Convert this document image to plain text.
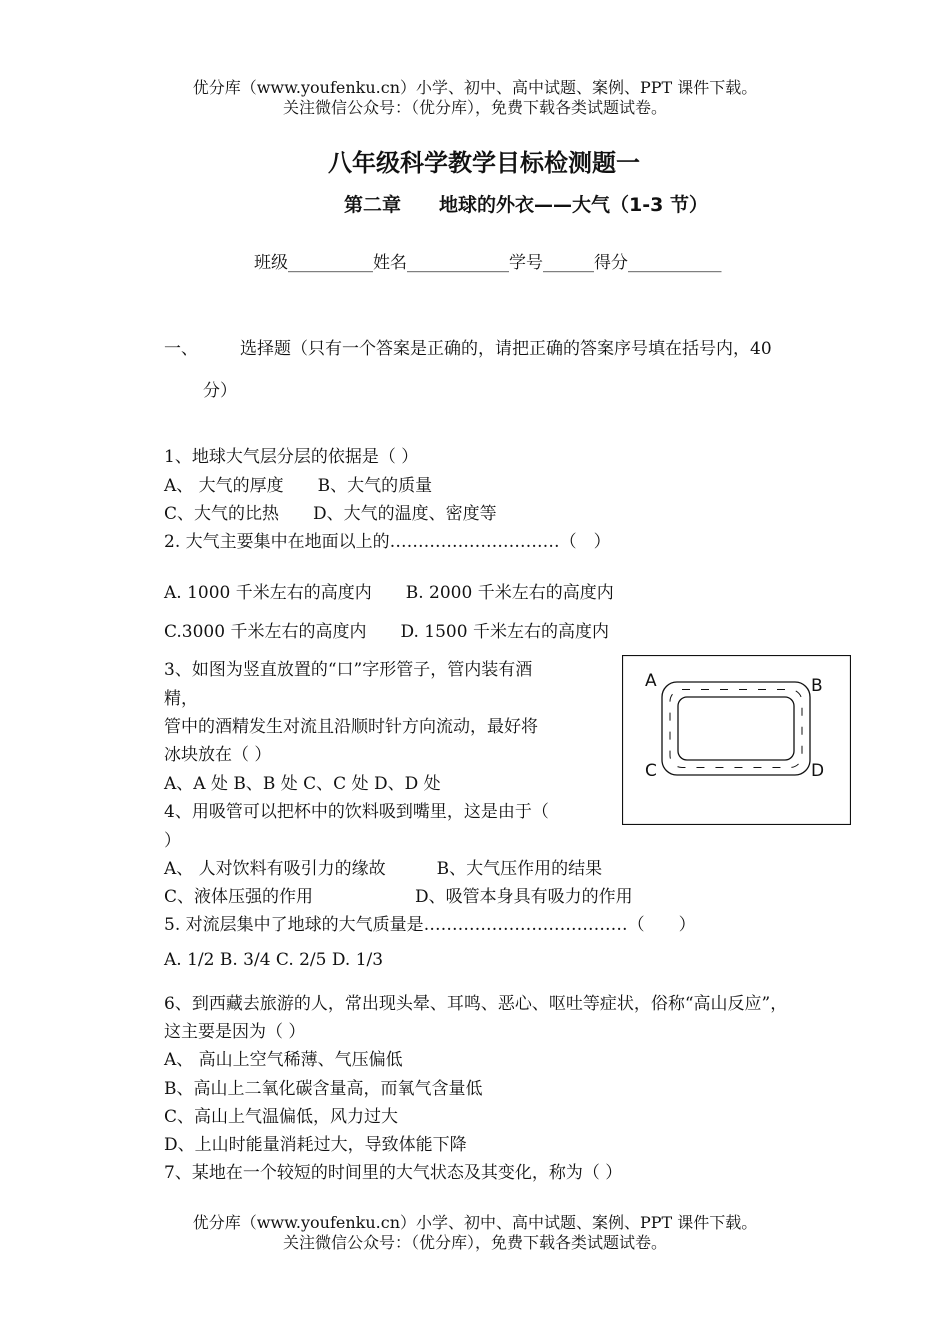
优分库（www.youfenku.cn）小学、初中、高中试题、案例、PPT 课件下载。

关注微信公众号：（优分库），免费下载各类试题试卷。

八年级科学教学目标检测题一

第二章　　地球的外衣——大气（1-3 节）

班级__________姓名____________学号______得分___________

一、 选择题（只有一个答案是正确的，请把正确的答案序号填在括号内，40

分）

1、地球大气层分层的依据是（ ）

A、 大气的厚度　　B、大气的质量

C、大气的比热　　D、大气的温度、密度等

2. 大气主要集中在地面以上的…………………………（　）

A. 1000 千米左右的高度内　　B. 2000 千米左右的高度内

C.3000 千米左右的高度内　　D. 1500 千米左右的高度内

3、如图为竖直放置的“口”字形管子，管内装有酒

精，

管中的酒精发生对流且沿顺时针方向流动，最好将

冰块放在（ ）

A、A 处 B、B 处 C、C 处 D、D 处

A	B
C	D

4、用吸管可以把杯中的饮料吸到嘴里，这是由于（

）

A、 人对饮料有吸引力的缘故　　　B、大气压作用的结果

C、液体压强的作用　　　　　　D、吸管本身具有吸力的作用

5. 对流层集中了地球的大气质量是………………………………（　　）

A. 1/2 B. 3/4 C. 2/5 D. 1/3

6、到西藏去旅游的人，常出现头晕、耳鸣、恶心、呕吐等症状，俗称“高山反应”，

这主要是因为（ ）

A、 高山上空气稀薄、气压偏低

B、高山上二氧化碳含量高，而氧气含量低

C、高山上气温偏低，风力过大

D、上山时能量消耗过大，导致体能下降

7、某地在一个较短的时间里的大气状态及其变化，称为（ ）

优分库（www.youfenku.cn）小学、初中、高中试题、案例、PPT 课件下载。

关注微信公众号：（优分库），免费下载各类试题试卷。
